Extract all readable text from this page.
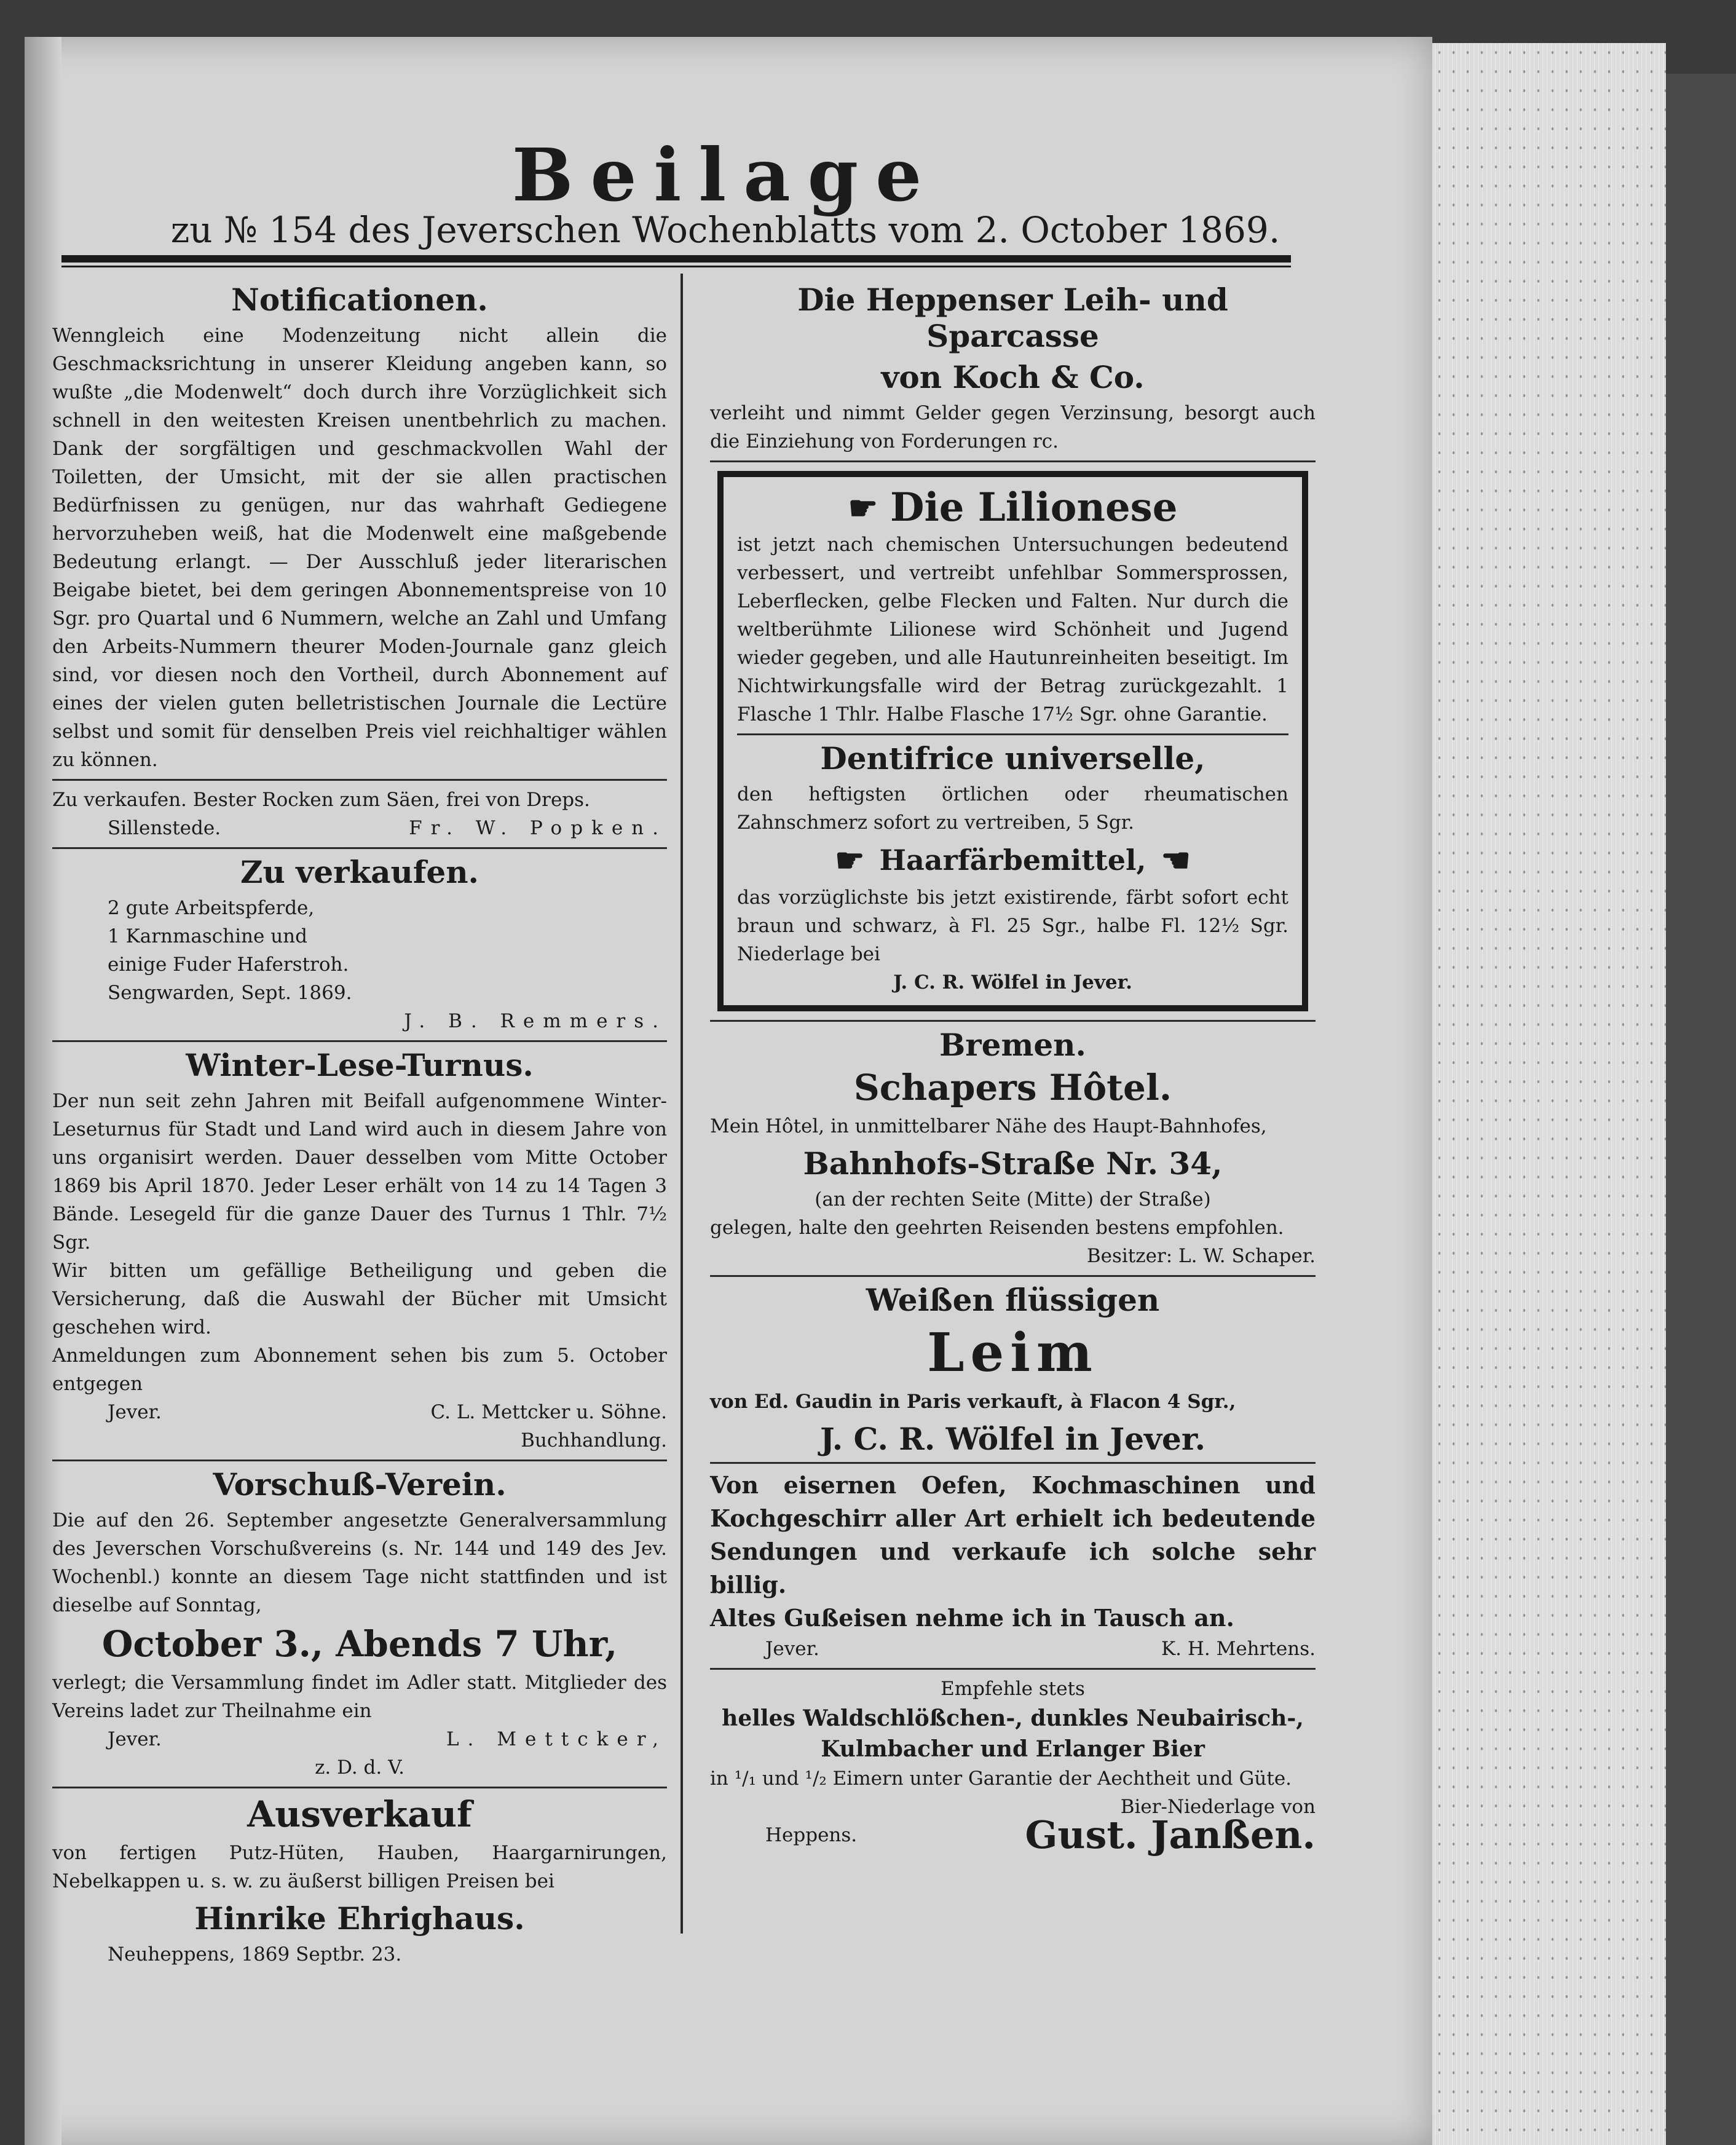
Beilage
zu № 154 des Jeverschen Wochenblatts vom 2. October 1869.
Notificationen.

Wenngleich eine Modenzeitung nicht allein die Geschmacksrichtung in unserer Kleidung angeben kann, so wußte „die Modenwelt“ doch durch ihre Vorzüglichkeit sich schnell in den weitesten Kreisen unentbehrlich zu machen. Dank der sorgfältigen und geschmackvollen Wahl der Toiletten, der Umsicht, mit der sie allen practischen Bedürfnissen zu genügen, nur das wahrhaft Gediegene hervorzuheben weiß, hat die Modenwelt eine maßgebende Bedeutung erlangt. — Der Ausschluß jeder literarischen Beigabe bietet, bei dem geringen Abonnementspreise von 10 Sgr. pro Quartal und 6 Nummern, welche an Zahl und Umfang den Arbeits-Nummern theurer Moden-Journale ganz gleich sind, vor diesen noch den Vortheil, durch Abonnement auf eines der vielen guten belletristischen Journale die Lectüre selbst und somit für denselben Preis viel reichhaltiger wählen zu können.

Zu verkaufen. Bester Rocken zum Säen, frei von Dreps.

Sillenstede.	Fr. W. Popken.
Zu verkaufen.

2 gute Arbeitspferde,

1 Karnmaschine und

einige Fuder Haferstroh.

Sengwarden, Sept. 1869.

J. B. Remmers.

Winter-Lese-Turnus.

Der nun seit zehn Jahren mit Beifall aufgenommene Winter-Leseturnus für Stadt und Land wird auch in diesem Jahre von uns organisirt werden. Dauer desselben vom Mitte October 1869 bis April 1870. Jeder Leser erhält von 14 zu 14 Tagen 3 Bände. Lesegeld für die ganze Dauer des Turnus 1 Thlr. 7½ Sgr.

Wir bitten um gefällige Betheiligung und geben die Versicherung, daß die Auswahl der Bücher mit Umsicht geschehen wird.

Anmeldungen zum Abonnement sehen bis zum 5. October entgegen

Jever.	C. L. Mettcker u. Söhne.

Buchhandlung.

Vorschuß-Verein.

Die auf den 26. September angesetzte Generalversammlung des Jeverschen Vorschußvereins (s. Nr. 144 und 149 des Jev. Wochenbl.) konnte an diesem Tage nicht stattfinden und ist dieselbe auf Sonntag,

October 3., Abends 7 Uhr,

verlegt; die Versammlung findet im Adler statt. Mitglieder des Vereins ladet zur Theilnahme ein

Jever.	L. Mettcker,

z. D. d. V.

Ausverkauf

von fertigen Putz-Hüten, Hauben, Haargarnirungen, Nebelkappen u. s. w. zu äußerst billigen Preisen bei

Hinrike Ehrighaus.

Neuheppens, 1869 Septbr. 23.

Die Heppenser Leih- und Sparcasse
von Koch & Co.

verleiht und nimmt Gelder gegen Verzinsung, besorgt auch die Einziehung von Forderungen rc.

☛ Die Lilionese

ist jetzt nach chemischen Untersuchungen bedeutend verbessert, und vertreibt unfehlbar Sommersprossen, Leberflecken, gelbe Flecken und Falten. Nur durch die weltberühmte Lilionese wird Schönheit und Jugend wieder gegeben, und alle Hautunreinheiten beseitigt. Im Nichtwirkungsfalle wird der Betrag zurückgezahlt. 1 Flasche 1 Thlr. Halbe Flasche 17½ Sgr. ohne Garantie.

Dentifrice universelle,

den heftigsten örtlichen oder rheumatischen Zahnschmerz sofort zu vertreiben, 5 Sgr.

☛ Haarfärbemittel, ☚

das vorzüglichste bis jetzt existirende, färbt sofort echt braun und schwarz, à Fl. 25 Sgr., halbe Fl. 12½ Sgr. Niederlage bei

J. C. R. Wölfel in Jever.

Bremen.
Schapers Hôtel.

Mein Hôtel, in unmittelbarer Nähe des Haupt-Bahnhofes,

Bahnhofs-Straße Nr. 34,

(an der rechten Seite (Mitte) der Straße)

gelegen, halte den geehrten Reisenden bestens empfohlen.

Besitzer: L. W. Schaper.

Weißen flüssigen
Leim

von Ed. Gaudin in Paris verkauft, à Flacon 4 Sgr.,

J. C. R. Wölfel in Jever.

Von eisernen Oefen, Kochmaschinen und Kochgeschirr aller Art erhielt ich bedeutende Sendungen und verkaufe ich solche sehr billig.

Altes Gußeisen nehme ich in Tausch an.

Jever.	K. H. Mehrtens.

Empfehle stets

helles Waldschlößchen-, dunkles Neubairisch-, Kulmbacher und Erlanger Bier

in ¹/₁ und ¹/₂ Eimern unter Garantie der Aechtheit und Güte.

Bier-Niederlage von

Heppens.	Gust. Janßen.
